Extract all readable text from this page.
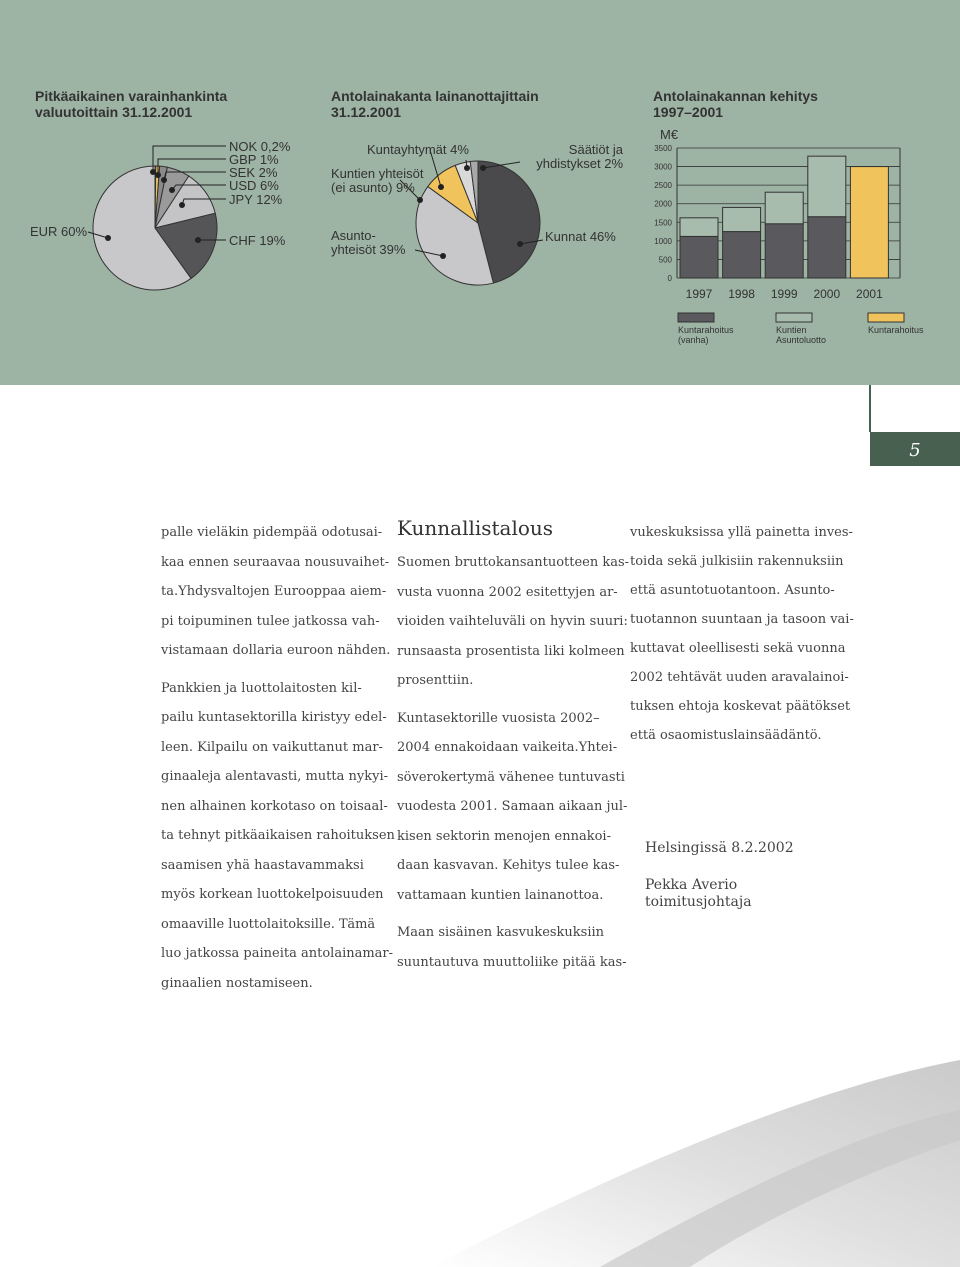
Pitkäaikainen varainhankinta
valuutoittain 31.12.2001
Antolainakanta lainanottajittain
31.12.2001
Antolainakannan kehitys
1997–2001
3500
3000
2500
2000
1500
1000
500
0
1997 1998 1999 2000 2001
NOK 0,2%
GBP 1%
SEK 2%
USD 6%
JPY 12%
CHF 19%
EUR 60%
Kuntayhtymät 4%
Kuntien yhteisöt
(ei asunto) 9%
Säätiöt ja
yhdistykset 2%
Asunto-
yhteisöt 39%
Kunnat 46%
M€
Kuntarahoitus
(vanha)
Kuntien
Asuntoluotto
Kuntarahoitus
5
palle vieläkin pidempää odotusai-
kaa ennen seuraavaa nousuvaihet-
ta.Yhdysvaltojen Eurooppaa aiem-
pi toipuminen tulee jatkossa vah-
vistamaan dollaria euroon nähden.
Pankkien ja luottolaitosten kil-
pailu kuntasektorilla kiristyy edel-
leen. Kilpailu on vaikuttanut mar-
ginaaleja alentavasti, mutta nykyi-
nen alhainen korkotaso on toisaal-
ta tehnyt pitkäaikaisen rahoituksen
saamisen yhä haastavammaksi
myös korkean luottokelpoisuuden
omaaville luottolaitoksille. Tämä
luo jatkossa paineita antolainamar-
ginaalien nostamiseen.
Kunnallistalous
Suomen bruttokansantuotteen kas-
vusta vuonna 2002 esitettyjen ar-
vioiden vaihteluväli on hyvin suuri:
runsaasta prosentista liki kolmeen
prosenttiin.
Kuntasektorille vuosista 2002–
2004 ennakoidaan vaikeita.Yhtei-
söverokertymä vähenee tuntuvasti
vuodesta 2001. Samaan aikaan jul-
kisen sektorin menojen ennakoi-
daan kasvavan. Kehitys tulee kas-
vattamaan kuntien lainanottoa.
Maan sisäinen kasvukeskuksiin
suuntautuva muuttoliike pitää kas-
vukeskuksissa yllä painetta inves-
toida sekä julkisiin rakennuksiin
että asuntotuotantoon. Asunto-
tuotannon suuntaan ja tasoon vai-
kuttavat oleellisesti sekä vuonna
2002 tehtävät uuden aravalainoi-
tuksen ehtoja koskevat päätökset
että osaomistuslainsäädäntö.
Helsingissä 8.2.2002
Pekka Averio
toimitusjohtaja
